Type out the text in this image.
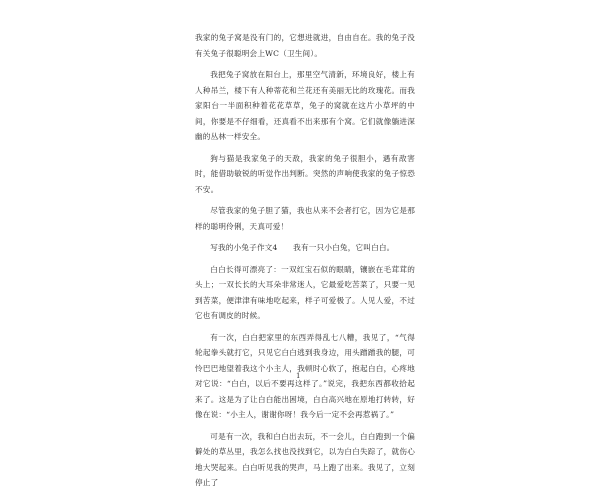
我家的兔子窝是没有门的，它想进就进，自由自在。我的兔子没有关兔子很聪明会上WC（卫生间）。

我把兔子窝放在阳台上，那里空气清新，环境良好，楼上有人种吊兰，楼下有人种蒂花和兰花还有美丽无比的玫瑰花。而我家阳台一半面积种着花花草草，兔子的窝就在这片小草坪的中间，你要是不仔细看，还真看不出来那有个窝。它们就像躺进深幽的丛林一样安全。

狗与猫是我家兔子的天敌，我家的兔子很胆小，遇有敌害时，能借助敏锐的听觉作出判断。突然的声响使我家的兔子惊恐不安。

尽管我家的兔子胆了猫，我也从来不会者打它，因为它是那样的聪明伶俐，天真可爱！

写我的小兔子作文4　　我有一只小白兔，它叫白白。

白白长得可漂亮了：一双红宝石似的眼睛，镶嵌在毛茸茸的头上；一双长长的大耳朵非常迷人，它最爱吃苦菜了，只要一见到苦菜，便津津有味地吃起来，样子可爱极了。人见人爱，不过它也有调皮的时候。

有一次，白白把家里的东西弄得乱七八糟，我见了，“气得轮起拳头就打它，只见它白白逃到我身边，用头蹭蹭我的腿，可怜巴巴地望着我这个小主人，我顿时心软了，抱起白白，心疼地对它说：“白白，以后不要再这样了。”说完，我把东西都收拾起来了。这是为了让白白能出困境，白白高兴地在原地打转转，好像在说：“小主人，谢谢你呀！我今后一定不会再惹祸了。”

可是有一次，我和白白出去玩，不一会儿，白白跑到一个偏僻处的草丛里，我怎么找也没找到它，以为白白失踪了，就伤心地大哭起来。白白听见我的哭声，马上跑了出来。我见了，立刻停止了

1
